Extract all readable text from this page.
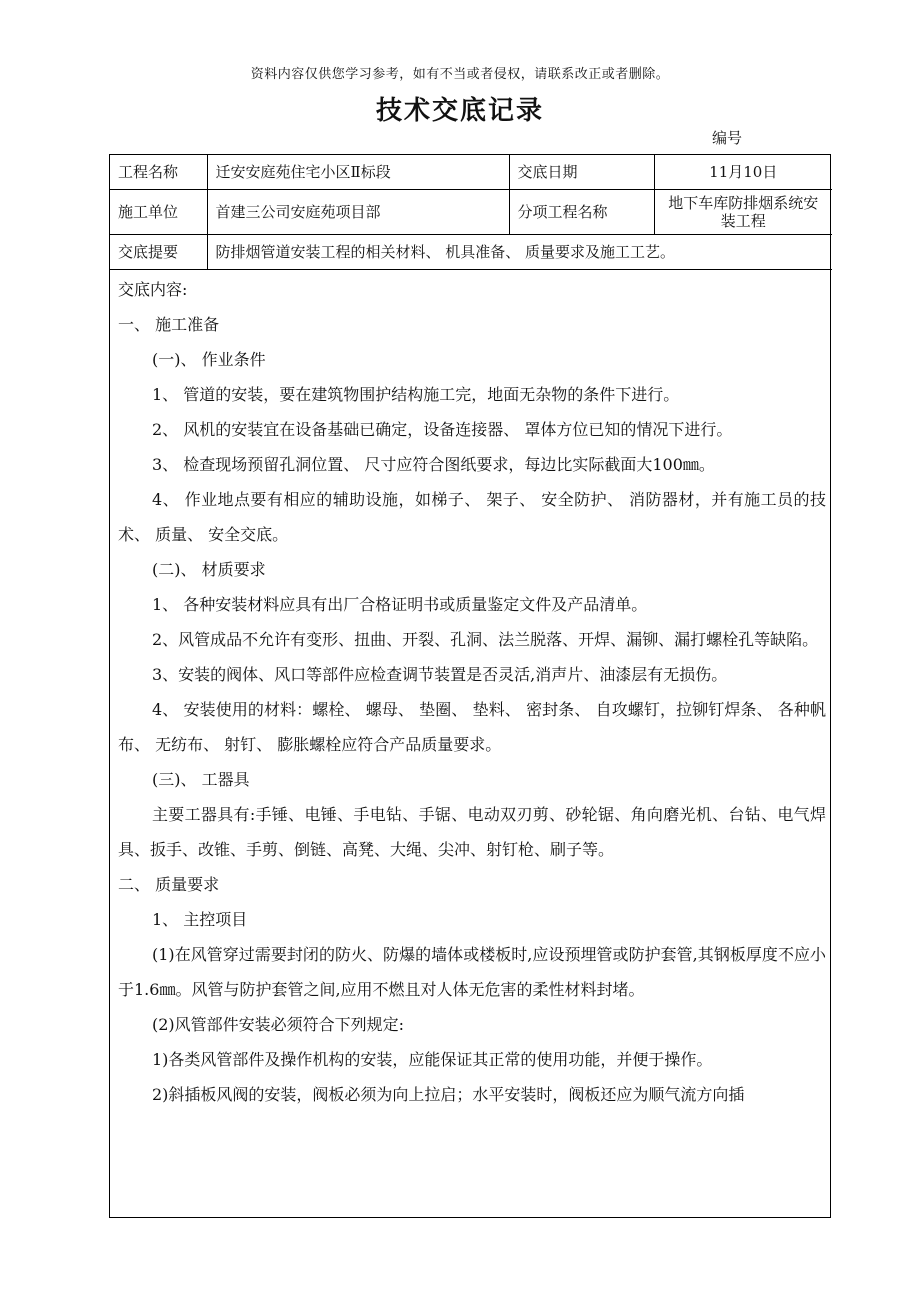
资料内容仅供您学习参考，如有不当或者侵权，请联系改正或者删除。
技术交底记录
编号
工程名称	迁安安庭苑住宅小区Ⅱ标段	交底日期	11月10日
施工单位	首建三公司安庭苑项目部	分项工程名称	地下车库防排烟系统安装工程
交底提要	防排烟管道安装工程的相关材料、 机具准备、 质量要求及施工工艺。		

交底内容:

一、 施工准备

(一)、 作业条件

1、 管道的安装，要在建筑物围护结构施工完，地面无杂物的条件下进行。

2、 风机的安装宜在设备基础已确定，设备连接器、 罩体方位已知的情况下进行。

3、 检查现场预留孔洞位置、 尺寸应符合图纸要求，每边比实际截面大100㎜。

4、 作业地点要有相应的辅助设施，如梯子、 架子、 安全防护、 消防器材，并有施工员的技术、 质量、 安全交底。

(二)、 材质要求

1、 各种安装材料应具有出厂合格证明书或质量鉴定文件及产品清单。

2、风管成品不允许有变形、扭曲、开裂、孔洞、法兰脱落、开焊、漏铆、漏打螺栓孔等缺陷。

3、安装的阀体、风口等部件应检查调节装置是否灵活,消声片、油漆层有无损伤。

4、 安装使用的材料：螺栓、 螺母、 垫圈、 垫料、 密封条、 自攻螺钉，拉铆钉焊条、 各种帆布、 无纺布、 射钉、 膨胀螺栓应符合产品质量要求。

(三)、 工器具

主要工器具有:手锤、电锤、手电钻、手锯、电动双刃剪、砂轮锯、角向磨光机、台钻、电气焊具、扳手、改锥、手剪、倒链、高凳、大绳、尖冲、射钉枪、刷子等。

二、 质量要求

1、 主控项目

(1)在风管穿过需要封闭的防火、防爆的墙体或楼板时,应设预埋管或防护套管,其钢板厚度不应小于1.6㎜。风管与防护套管之间,应用不燃且对人体无危害的柔性材料封堵。

(2)风管部件安装必须符合下列规定:

1)各类风管部件及操作机构的安装，应能保证其正常的使用功能，并便于操作。

2)斜插板风阀的安装，阀板必须为向上拉启；水平安装时，阀板还应为顺气流方向插
